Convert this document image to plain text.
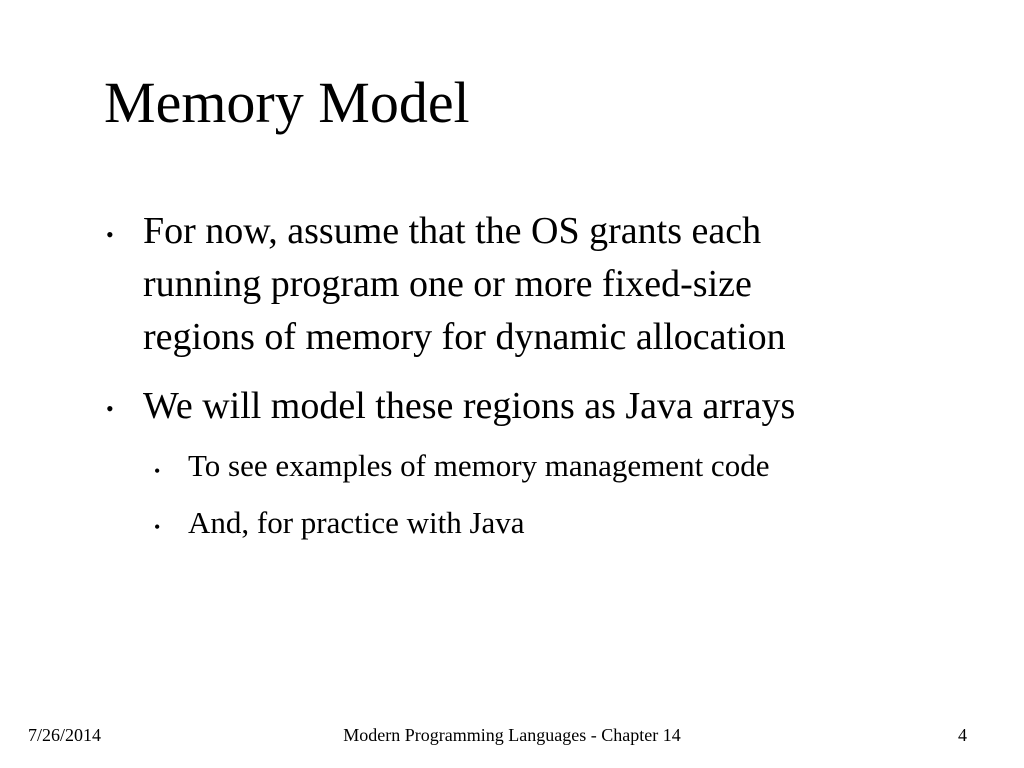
Memory Model
• For now, assume that the OS grants each
running program one or more fixed-size
regions of memory for dynamic allocation
• We will model these regions as Java arrays
• To see examples of memory management code
• And, for practice with Java
7/26/2014	Modern Programming Languages - Chapter 14	4
